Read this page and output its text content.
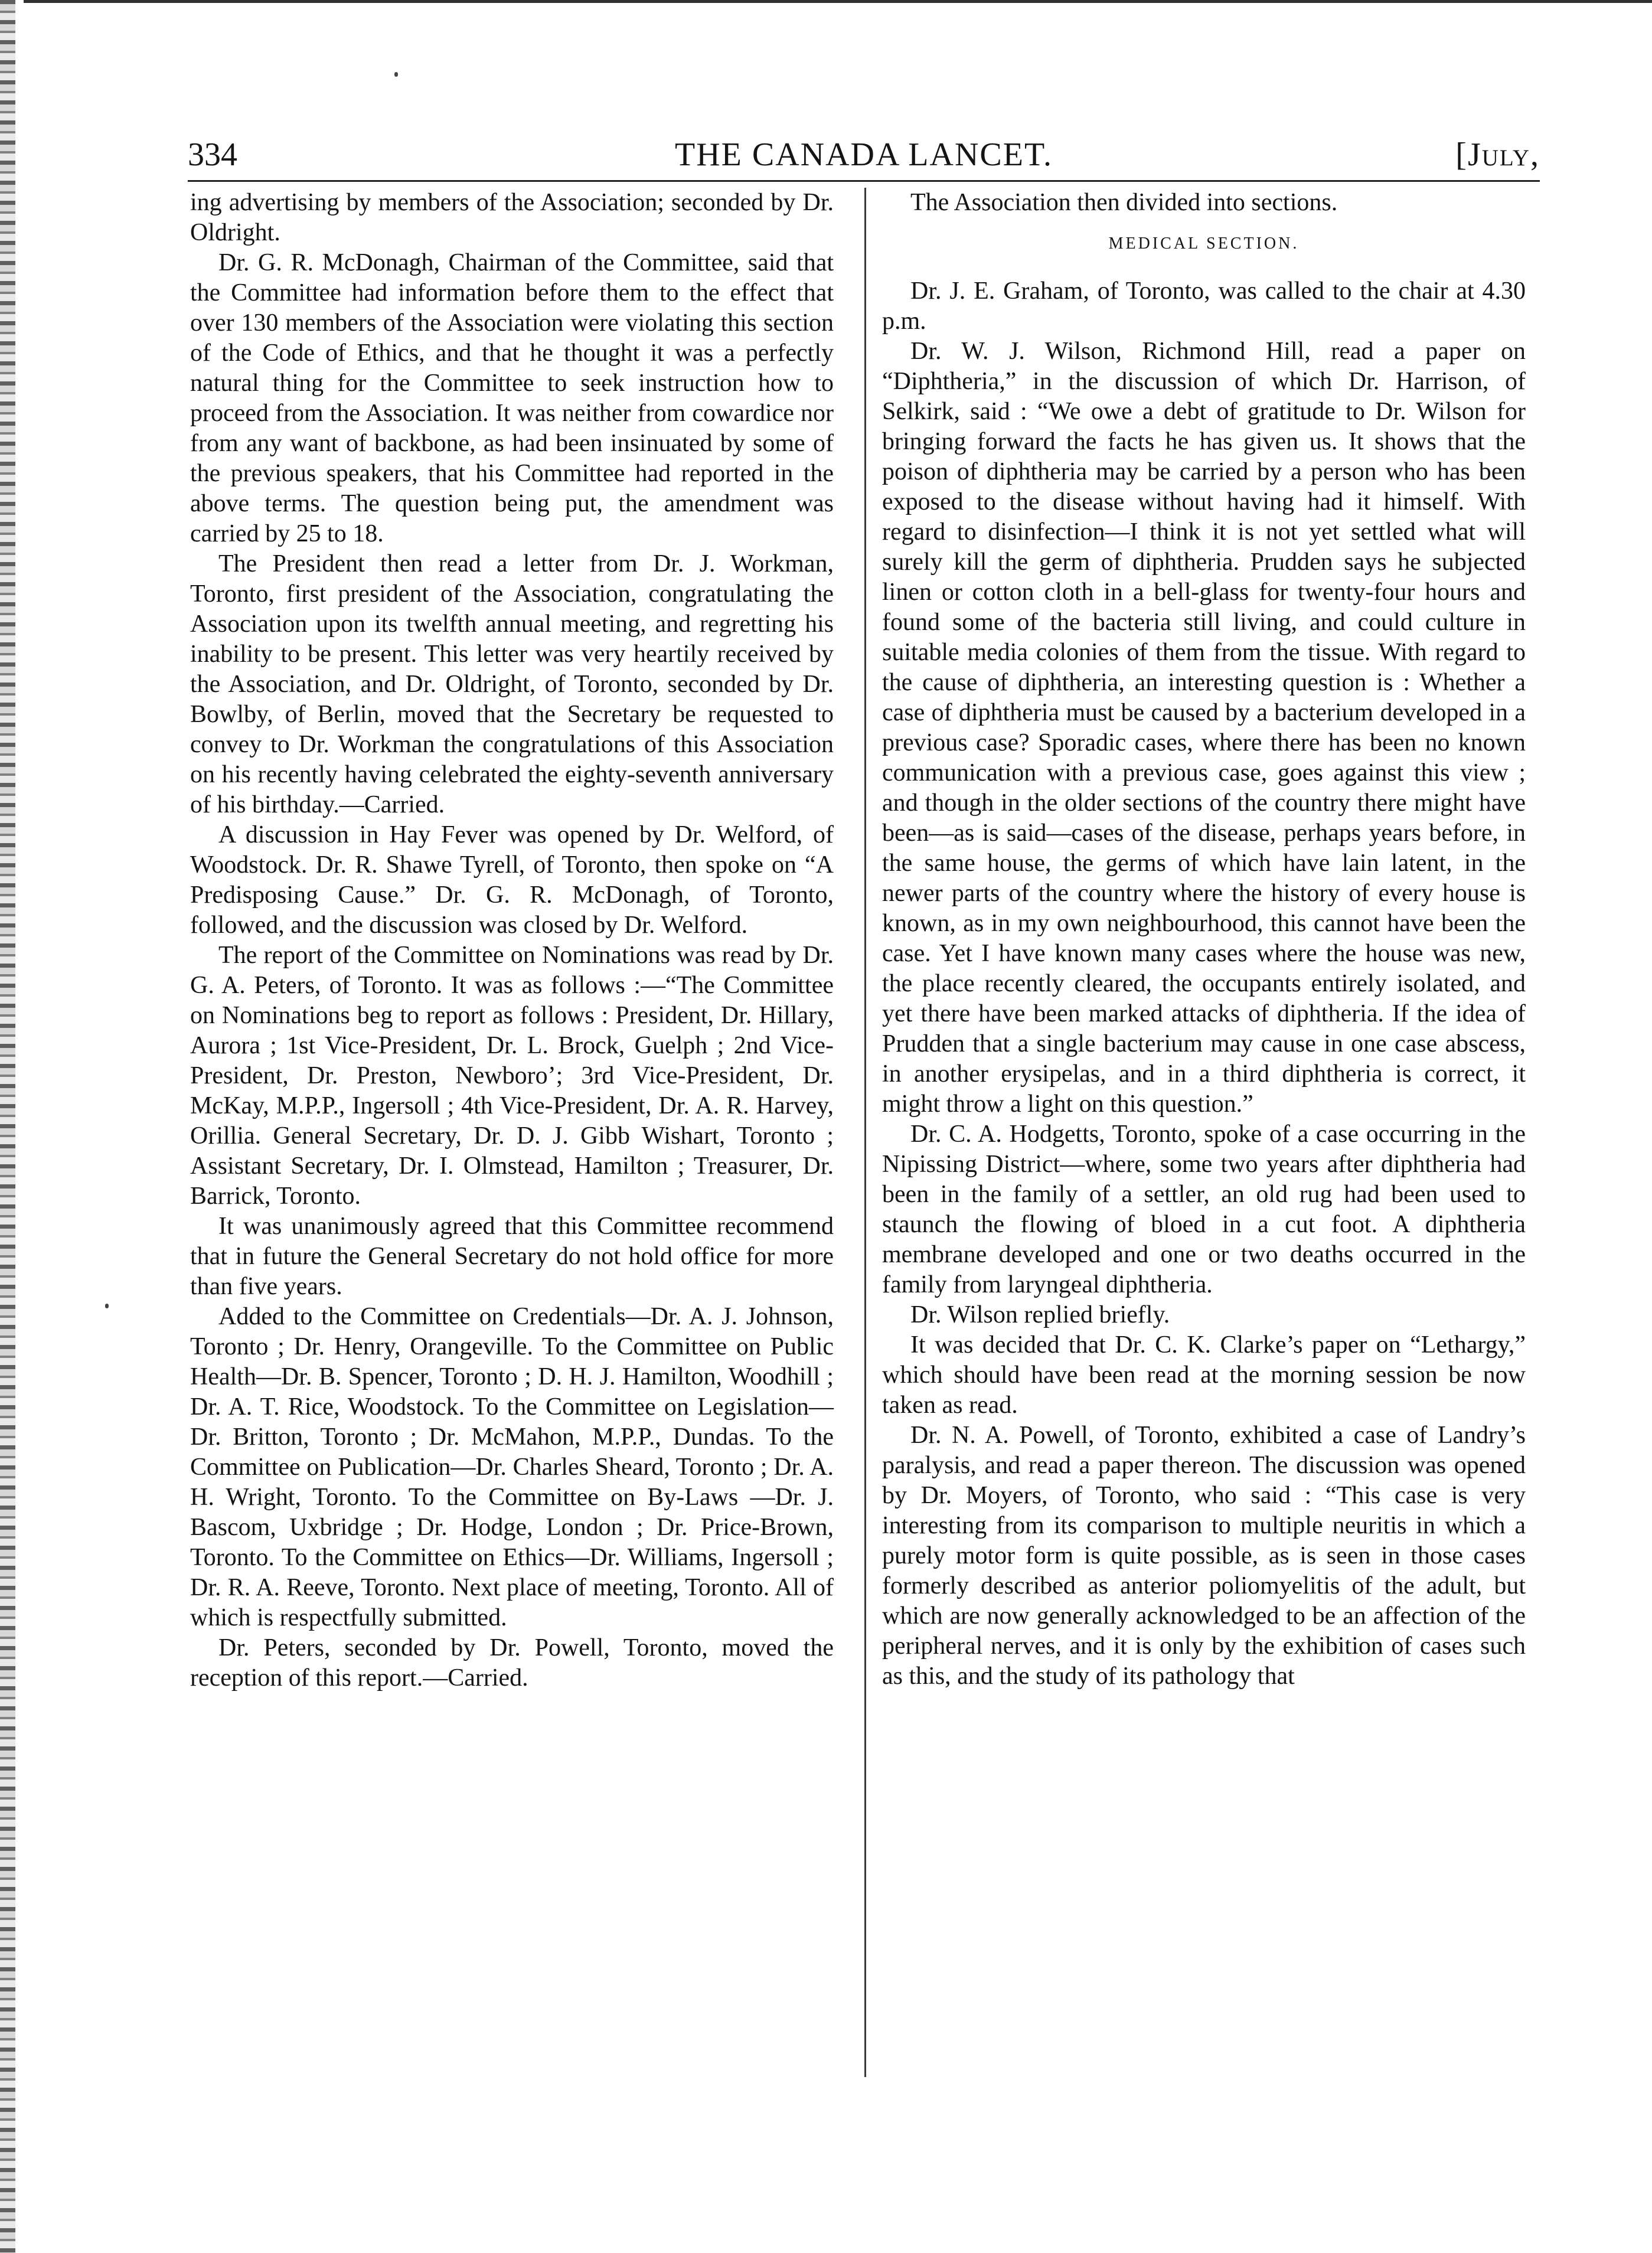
334	THE CANADA LANCET.	[July,

ing advertising by members of the Association; seconded by Dr. Oldright.

Dr. G. R. McDonagh, Chairman of the Committee, said that the Committee had information before them to the effect that over 130 members of the Association were violating this section of the Code of Ethics, and that he thought it was a perfectly natural thing for the Committee to seek instruction how to proceed from the Association. It was neither from cowardice nor from any want of backbone, as had been insinuated by some of the previous speakers, that his Committee had reported in the above terms. The question being put, the amendment was carried by 25 to 18.

The President then read a letter from Dr. J. Workman, Toronto, first president of the Association, congratulating the Association upon its twelfth annual meeting, and regretting his inability to be present. This letter was very heartily received by the Association, and Dr. Oldright, of Toronto, seconded by Dr. Bowlby, of Berlin, moved that the Secretary be requested to convey to Dr. Workman the congratulations of this Association on his recently having celebrated the eighty-seventh anniversary of his birthday.—Carried.

A discussion in Hay Fever was opened by Dr. Welford, of Woodstock. Dr. R. Shawe Tyrell, of Toronto, then spoke on “A Predisposing Cause.” Dr. G. R. McDonagh, of Toronto, followed, and the discussion was closed by Dr. Welford.

The report of the Committee on Nominations was read by Dr. G. A. Peters, of Toronto. It was as follows :—“The Committee on Nominations beg to report as follows : President, Dr. Hillary, Aurora ; 1st Vice-President, Dr. L. Brock, Guelph ; 2nd Vice-President, Dr. Preston, Newboro’; 3rd Vice-President, Dr. McKay, M.P.P., Ingersoll ; 4th Vice-President, Dr. A. R. Harvey, Orillia. General Secretary, Dr. D. J. Gibb Wishart, Toronto ; Assistant Secretary, Dr. I. Olmstead, Hamilton ; Treasurer, Dr. Barrick, Toronto.

It was unanimously agreed that this Committee recommend that in future the General Secretary do not hold office for more than five years.

Added to the Committee on Credentials—Dr. A. J. Johnson, Toronto ; Dr. Henry, Orangeville. To the Committee on Public Health—Dr. B. Spencer, Toronto ; D. H. J. Hamilton, Woodhill ; Dr. A. T. Rice, Woodstock. To the Committee on Legislation—Dr. Britton, Toronto ; Dr. McMahon, M.P.P., Dundas. To the Committee on Publication—Dr. Charles Sheard, Toronto ; Dr. A. H. Wright, Toronto. To the Committee on By-Laws —Dr. J. Bascom, Uxbridge ; Dr. Hodge, London ; Dr. Price-Brown, Toronto. To the Committee on Ethics—Dr. Williams, Ingersoll ; Dr. R. A. Reeve, Toronto. Next place of meeting, Toronto. All of which is respectfully submitted.

Dr. Peters, seconded by Dr. Powell, Toronto, moved the reception of this report.—Carried.

The Association then divided into sections.

MEDICAL SECTION.

Dr. J. E. Graham, of Toronto, was called to the chair at 4.30 p.m.

Dr. W. J. Wilson, Richmond Hill, read a paper on “Diphtheria,” in the discussion of which Dr. Harrison, of Selkirk, said : “We owe a debt of gratitude to Dr. Wilson for bringing forward the facts he has given us. It shows that the poison of diphtheria may be carried by a person who has been exposed to the disease without having had it himself. With regard to disinfection—I think it is not yet settled what will surely kill the germ of diphtheria. Prudden says he subjected linen or cotton cloth in a bell-glass for twenty-four hours and found some of the bacteria still living, and could culture in suitable media colonies of them from the tissue. With regard to the cause of diphtheria, an interesting question is : Whether a case of diphtheria must be caused by a bacterium developed in a previous case? Sporadic cases, where there has been no known communication with a previous case, goes against this view ; and though in the older sections of the country there might have been—as is said—cases of the disease, perhaps years before, in the same house, the germs of which have lain latent, in the newer parts of the country where the history of every house is known, as in my own neighbourhood, this cannot have been the case. Yet I have known many cases where the house was new, the place recently cleared, the occupants entirely isolated, and yet there have been marked attacks of diphtheria. If the idea of Prudden that a single bacterium may cause in one case abscess, in another erysipelas, and in a third diphtheria is correct, it might throw a light on this question.”

Dr. C. A. Hodgetts, Toronto, spoke of a case occurring in the Nipissing District—where, some two years after diphtheria had been in the family of a settler, an old rug had been used to staunch the flowing of bloed in a cut foot. A diphtheria membrane developed and one or two deaths occurred in the family from laryngeal diphtheria.

Dr. Wilson replied briefly.

It was decided that Dr. C. K. Clarke’s paper on “Lethargy,” which should have been read at the morning session be now taken as read.

Dr. N. A. Powell, of Toronto, exhibited a case of Landry’s paralysis, and read a paper thereon. The discussion was opened by Dr. Moyers, of Toronto, who said : “This case is very interesting from its comparison to multiple neuritis in which a purely motor form is quite possible, as is seen in those cases formerly described as anterior poliomyelitis of the adult, but which are now generally acknowledged to be an affection of the peripheral nerves, and it is only by the exhibition of cases such as this, and the study of its pathology that
